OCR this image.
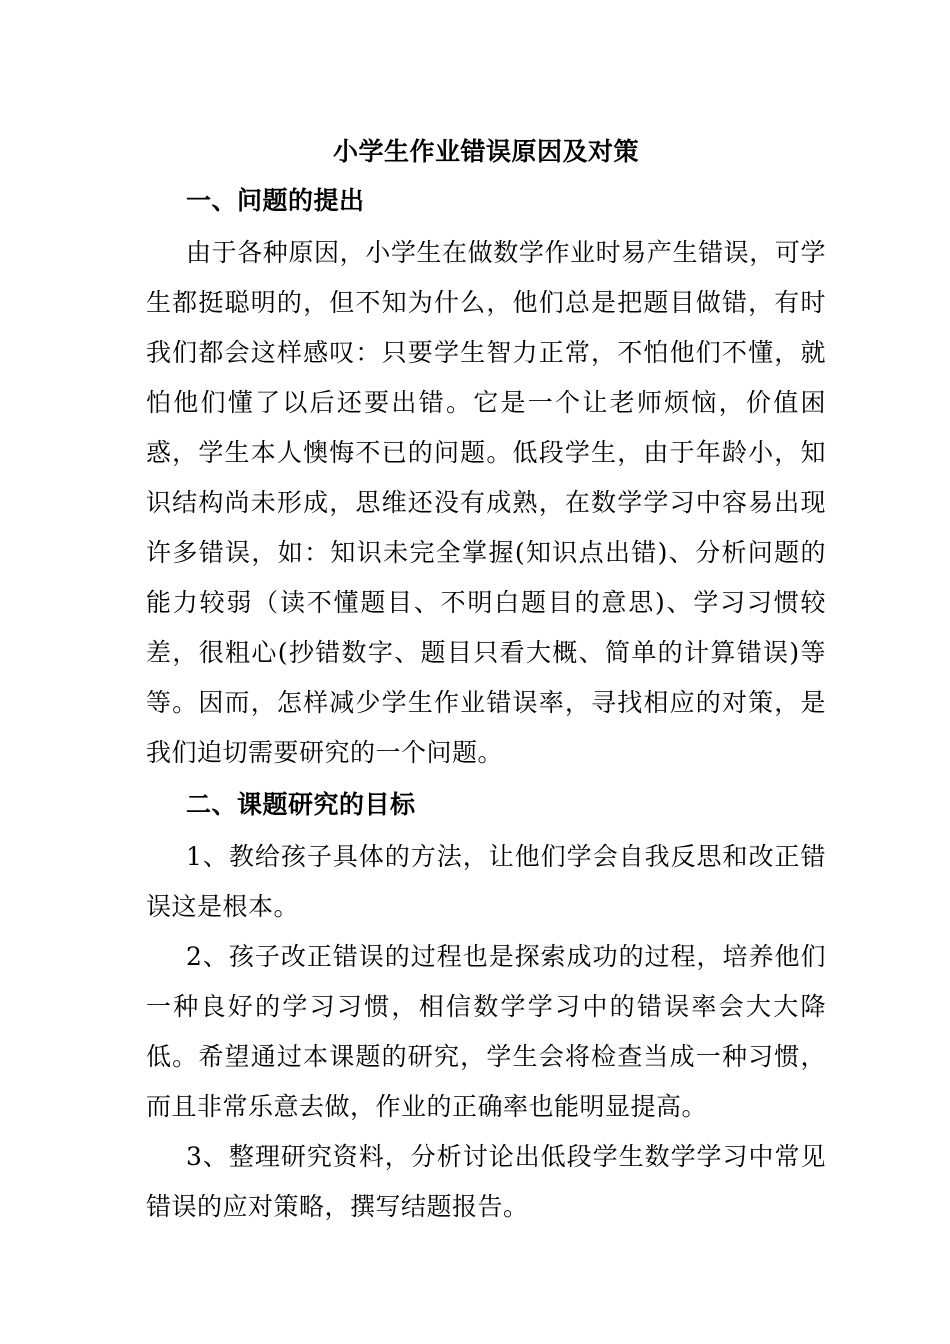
小学生作业错误原因及对策
一、问题的提出

由于各种原因，小学生在做数学作业时易产生错误，可学生都挺聪明的，但不知为什么，他们总是把题目做错，有时我们都会这样感叹：只要学生智力正常，不怕他们不懂，就怕他们懂了以后还要出错。它是一个让老师烦恼，价值困惑，学生本人懊悔不已的问题。低段学生，由于年龄小，知识结构尚未形成，思维还没有成熟，在数学学习中容易出现许多错误，如：知识未完全掌握(知识点出错)、分析问题的能力较弱（读不懂题目、不明白题目的意思)、学习习惯较差，很粗心(抄错数字、题目只看大概、简单的计算错误)等等。因而，怎样减少学生作业错误率，寻找相应的对策，是我们迫切需要研究的一个问题。

二、课题研究的目标

1、教给孩子具体的方法，让他们学会自我反思和改正错误这是根本。

2、孩子改正错误的过程也是探索成功的过程，培养他们一种良好的学习习惯，相信数学学习中的错误率会大大降低。希望通过本课题的研究，学生会将检查当成一种习惯，而且非常乐意去做，作业的正确率也能明显提高。

3、整理研究资料，分析讨论出低段学生数学学习中常见错误的应对策略，撰写结题报告。
